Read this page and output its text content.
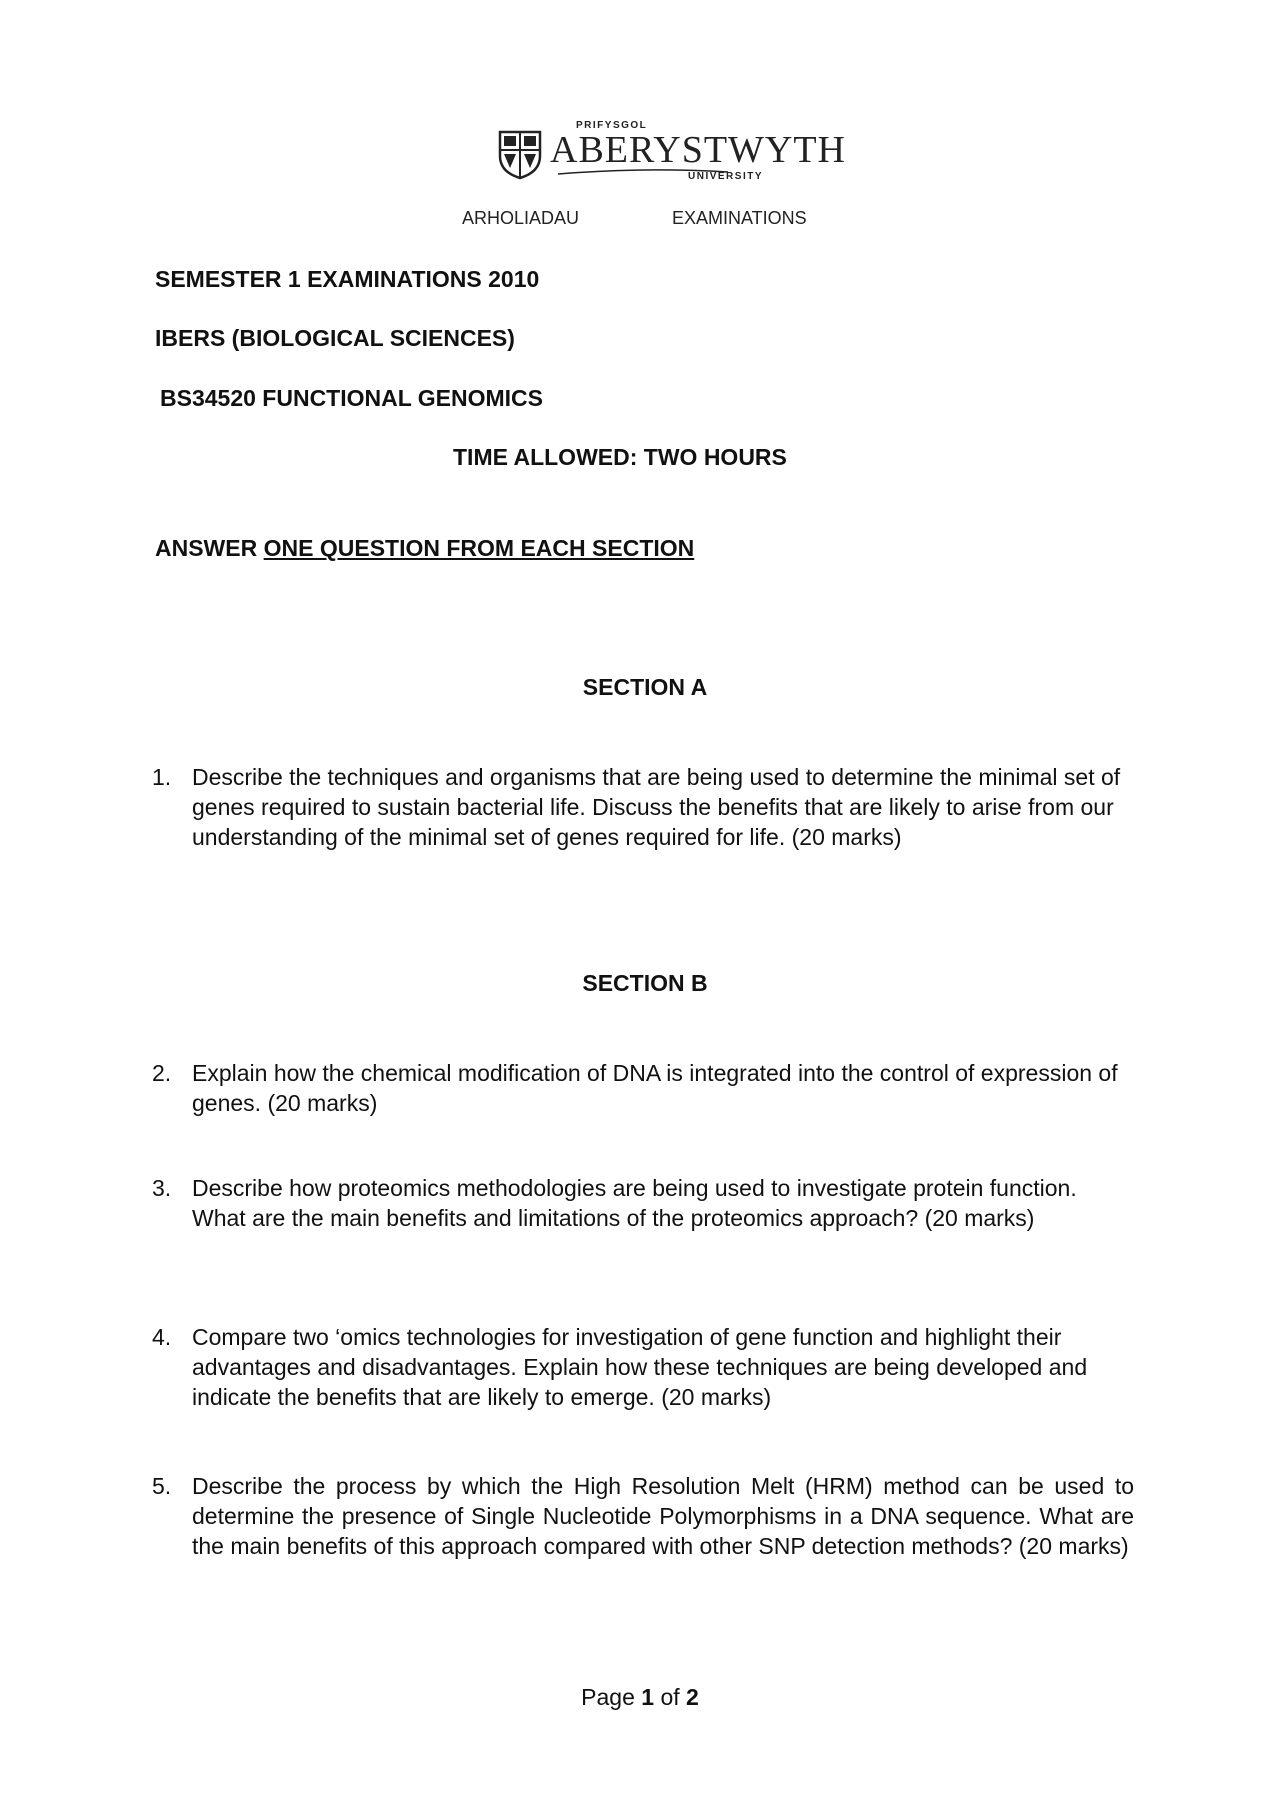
PRIFYSGOL
ABERYSTWYTH
UNIVERSITY
ARHOLIADAU	EXAMINATIONS
SEMESTER 1 EXAMINATIONS 2010
IBERS (BIOLOGICAL SCIENCES)
BS34520 FUNCTIONAL GENOMICS
TIME ALLOWED: TWO HOURS
ANSWER ONE QUESTION FROM EACH SECTION
SECTION A
1. Describe the techniques and organisms that are being used to determine the minimal set of genes required to sustain bacterial life. Discuss the benefits that are likely to arise from our understanding of the minimal set of genes required for life. (20 marks)
SECTION B
2. Explain how the chemical modification of DNA is integrated into the control of expression of genes. (20 marks)
3. Describe how proteomics methodologies are being used to investigate protein function. What are the main benefits and limitations of the proteomics approach? (20 marks)
4. Compare two ‘omics technologies for investigation of gene function and highlight their advantages and disadvantages. Explain how these techniques are being developed and indicate the benefits that are likely to emerge. (20 marks)
5. Describe the process by which the High Resolution Melt (HRM) method can be used to determine the presence of Single Nucleotide Polymorphisms in a DNA sequence. What are the main benefits of this approach compared with other SNP detection methods? (20 marks)
Page 1 of 2
